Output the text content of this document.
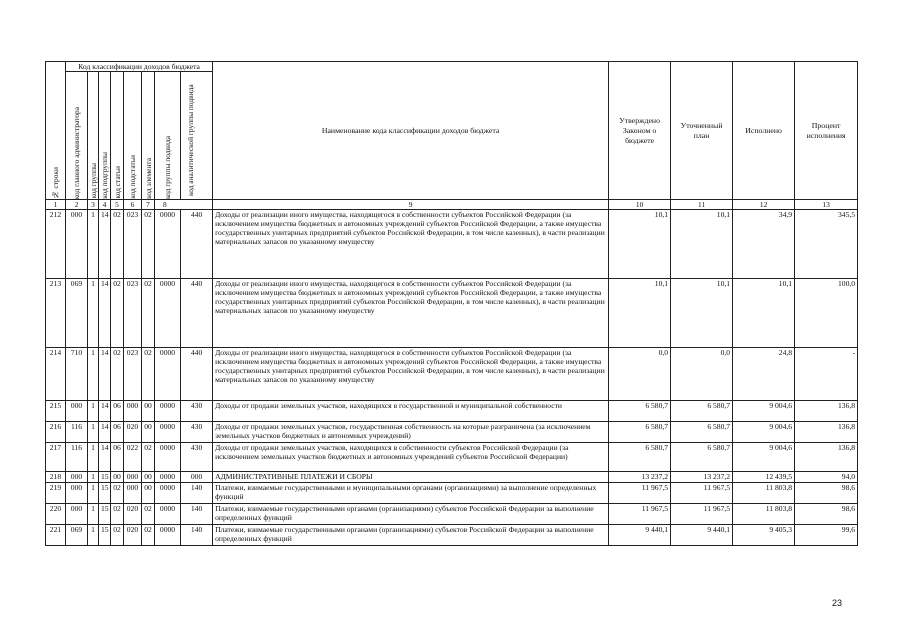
№ строки	Код классификации доходов бюджета								Наименование кода классификации доходов бюджета	Утверждено Законом о бюджете	Уточненный план	Исполнено	Процент исполнения

	код главного администратора	код группы	код подгруппы	код статьи	код подстатьи	код элемента	код группы подвида	код аналитической группы подвида					

1	2	3	4	5	6	7	8		9	10	11	12	13
212	000	1	14	02	023	02	0000	440	Доходы от реализации иного имущества, находящегося в собственности субъектов Российской Федерации (за исключением имущества бюджетных и автономных учреждений субъектов Российской Федерации, а также имущества государственных унитарных предприятий субъектов Российской Федерации, в том числе казенных), в части реализации материальных запасов по указанному имуществу	10,1	10,1	34,9	345,5
213	069	1	14	02	023	02	0000	440	Доходы от реализации иного имущества, находящегося в собственности субъектов Российской Федерации (за исключением имущества бюджетных и автономных учреждений субъектов Российской Федерации, а также имущества государственных унитарных предприятий субъектов Российской Федерации, в том числе казенных), в части реализации материальных запасов по указанному имуществу	10,1	10,1	10,1	100,0
214	710	1	14	02	023	02	0000	440	Доходы от реализации иного имущества, находящегося в собственности субъектов Российской Федерации (за исключением имущества бюджетных и автономных учреждений субъектов Российской Федерации, а также имущества государственных унитарных предприятий субъектов Российской Федерации, в том числе казенных), в части реализации материальных запасов по указанному имуществу	0,0	0,0	24,8	-
215	000	1	14	06	000	00	0000	430	Доходы от продажи земельных участков, находящихся в государственной и муниципальной собственности	6 580,7	6 580,7	9 004,6	136,8
216	116	1	14	06	020	00	0000	430	Доходы от продажи земельных участков, государственная собственность на которые разграничена (за исключением земельных участков бюджетных и автономных учреждений)	6 580,7	6 580,7	9 004,6	136,8
217	116	1	14	06	022	02	0000	430	Доходы от продажи земельных участков, находящихся в собственности субъектов Российской Федерации (за исключением земельных участков бюджетных и автономных учреждений субъектов Российской Федерации)	6 580,7	6 580,7	9 004,6	136,8
218	000	1	15	00	000	00	0000	000	АДМИНИСТРАТИВНЫЕ ПЛАТЕЖИ И СБОРЫ	13 237,2	13 237,2	12 439,5	94,0
219	000	1	15	02	000	00	0000	140	Платежи, взимаемые государственными и муниципальными органами (организациями) за выполнение определенных функций	11 967,5	11 967,5	11 803,8	98,6
220	000	1	15	02	020	02	0000	140	Платежи, взимаемые государственными органами (организациями) субъектов Российской Федерации за выполнение определенных функций	11 967,5	11 967,5	11 803,8	98,6
221	069	1	15	02	020	02	0000	140	Платежи, взимаемые государственными органами (организациями) субъектов Российской Федерации за выполнение определенных функций	9 440,1	9 440,1	9 405,3	99,6
23
